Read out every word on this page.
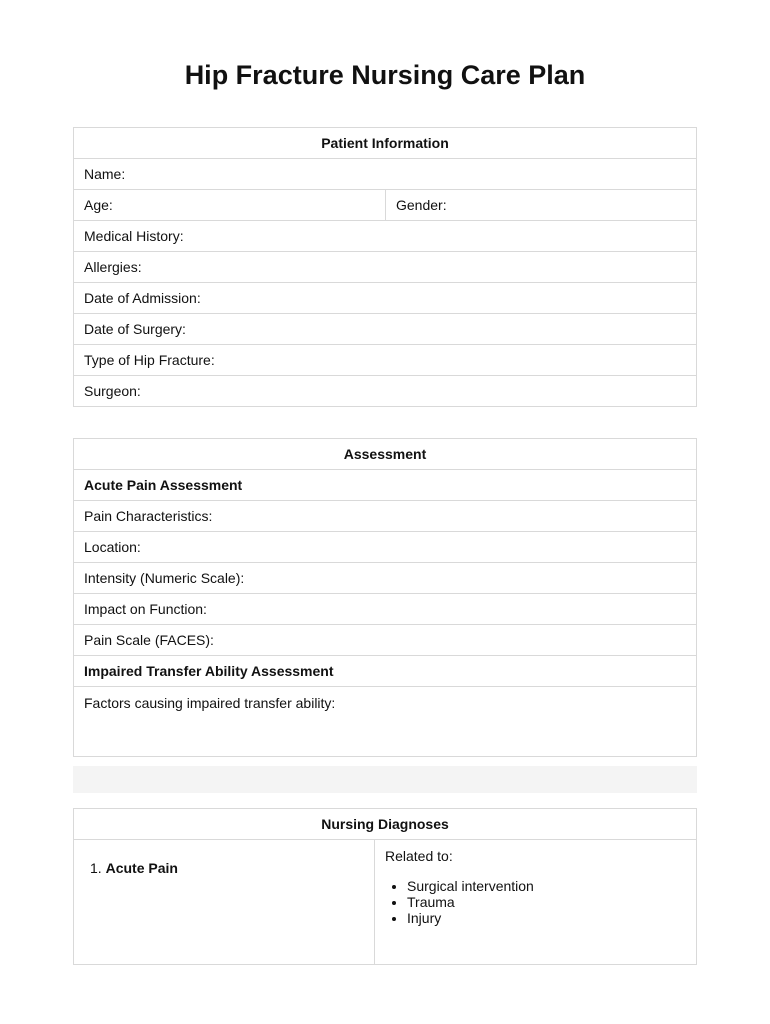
Hip Fracture Nursing Care Plan
Patient Information
Name:
Age:	Gender:
Medical History:
Allergies:
Date of Admission:
Date of Surgery:
Type of Hip Fracture:
Surgeon:
Assessment
Acute Pain Assessment
Pain Characteristics:
Location:
Intensity (Numeric Scale):
Impact on Function:
Pain Scale (FACES):
Impaired Transfer Ability Assessment
Factors causing impaired transfer ability:
Nursing Diagnoses
1. Acute Pain	
Related to:
• Surgical intervention
• Trauma
• Injury
